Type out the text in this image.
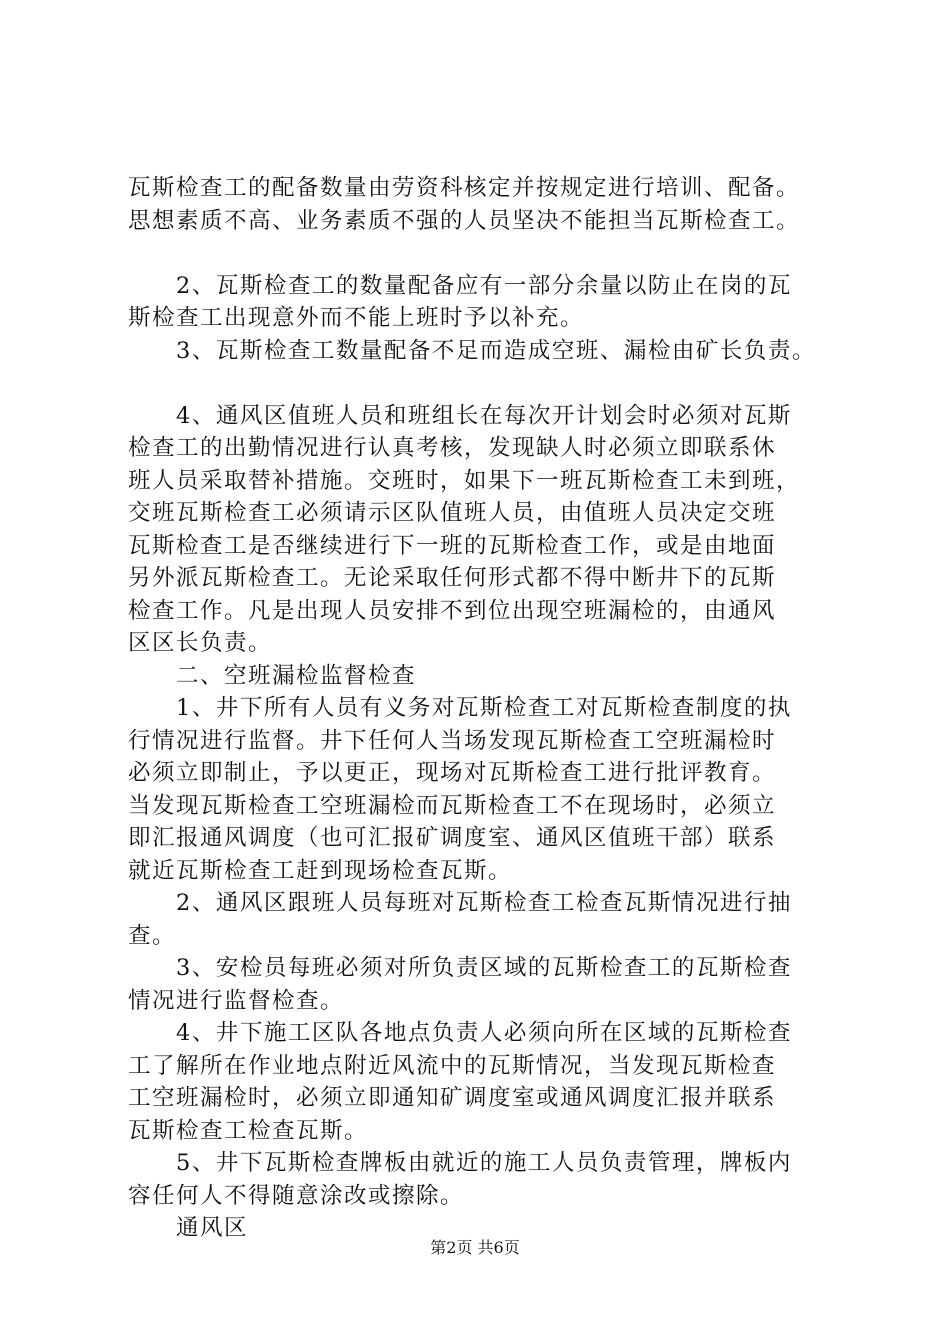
瓦斯检查工的配备数量由劳资科核定并按规定进行培训、配备。
思想素质不高、业务素质不强的人员坚决不能担当瓦斯检查工。
　　2、瓦斯检查工的数量配备应有一部分余量以防止在岗的瓦
斯检查工出现意外而不能上班时予以补充。
　　3、瓦斯检查工数量配备不足而造成空班、漏检由矿长负责。
　　4、通风区值班人员和班组长在每次开计划会时必须对瓦斯
检查工的出勤情况进行认真考核，发现缺人时必须立即联系休
班人员采取替补措施。交班时，如果下一班瓦斯检查工未到班，
交班瓦斯检查工必须请示区队值班人员，由值班人员决定交班
瓦斯检查工是否继续进行下一班的瓦斯检查工作，或是由地面
另外派瓦斯检查工。无论采取任何形式都不得中断井下的瓦斯
检查工作。凡是出现人员安排不到位出现空班漏检的，由通风
区区长负责。
　　二、空班漏检监督检查
　　1、井下所有人员有义务对瓦斯检查工对瓦斯检查制度的执
行情况进行监督。井下任何人当场发现瓦斯检查工空班漏检时
必须立即制止，予以更正，现场对瓦斯检查工进行批评教育。
当发现瓦斯检查工空班漏检而瓦斯检查工不在现场时，必须立
即汇报通风调度（也可汇报矿调度室、通风区值班干部）联系
就近瓦斯检查工赶到现场检查瓦斯。
　　2、通风区跟班人员每班对瓦斯检查工检查瓦斯情况进行抽
查。
　　3、安检员每班必须对所负责区域的瓦斯检查工的瓦斯检查
情况进行监督检查。
　　4、井下施工区队各地点负责人必须向所在区域的瓦斯检查
工了解所在作业地点附近风流中的瓦斯情况，当发现瓦斯检查
工空班漏检时，必须立即通知矿调度室或通风调度汇报并联系
瓦斯检查工检查瓦斯。
　　5、井下瓦斯检查牌板由就近的施工人员负责管理，牌板内
容任何人不得随意涂改或擦除。
　　通风区
第2页 共6页
